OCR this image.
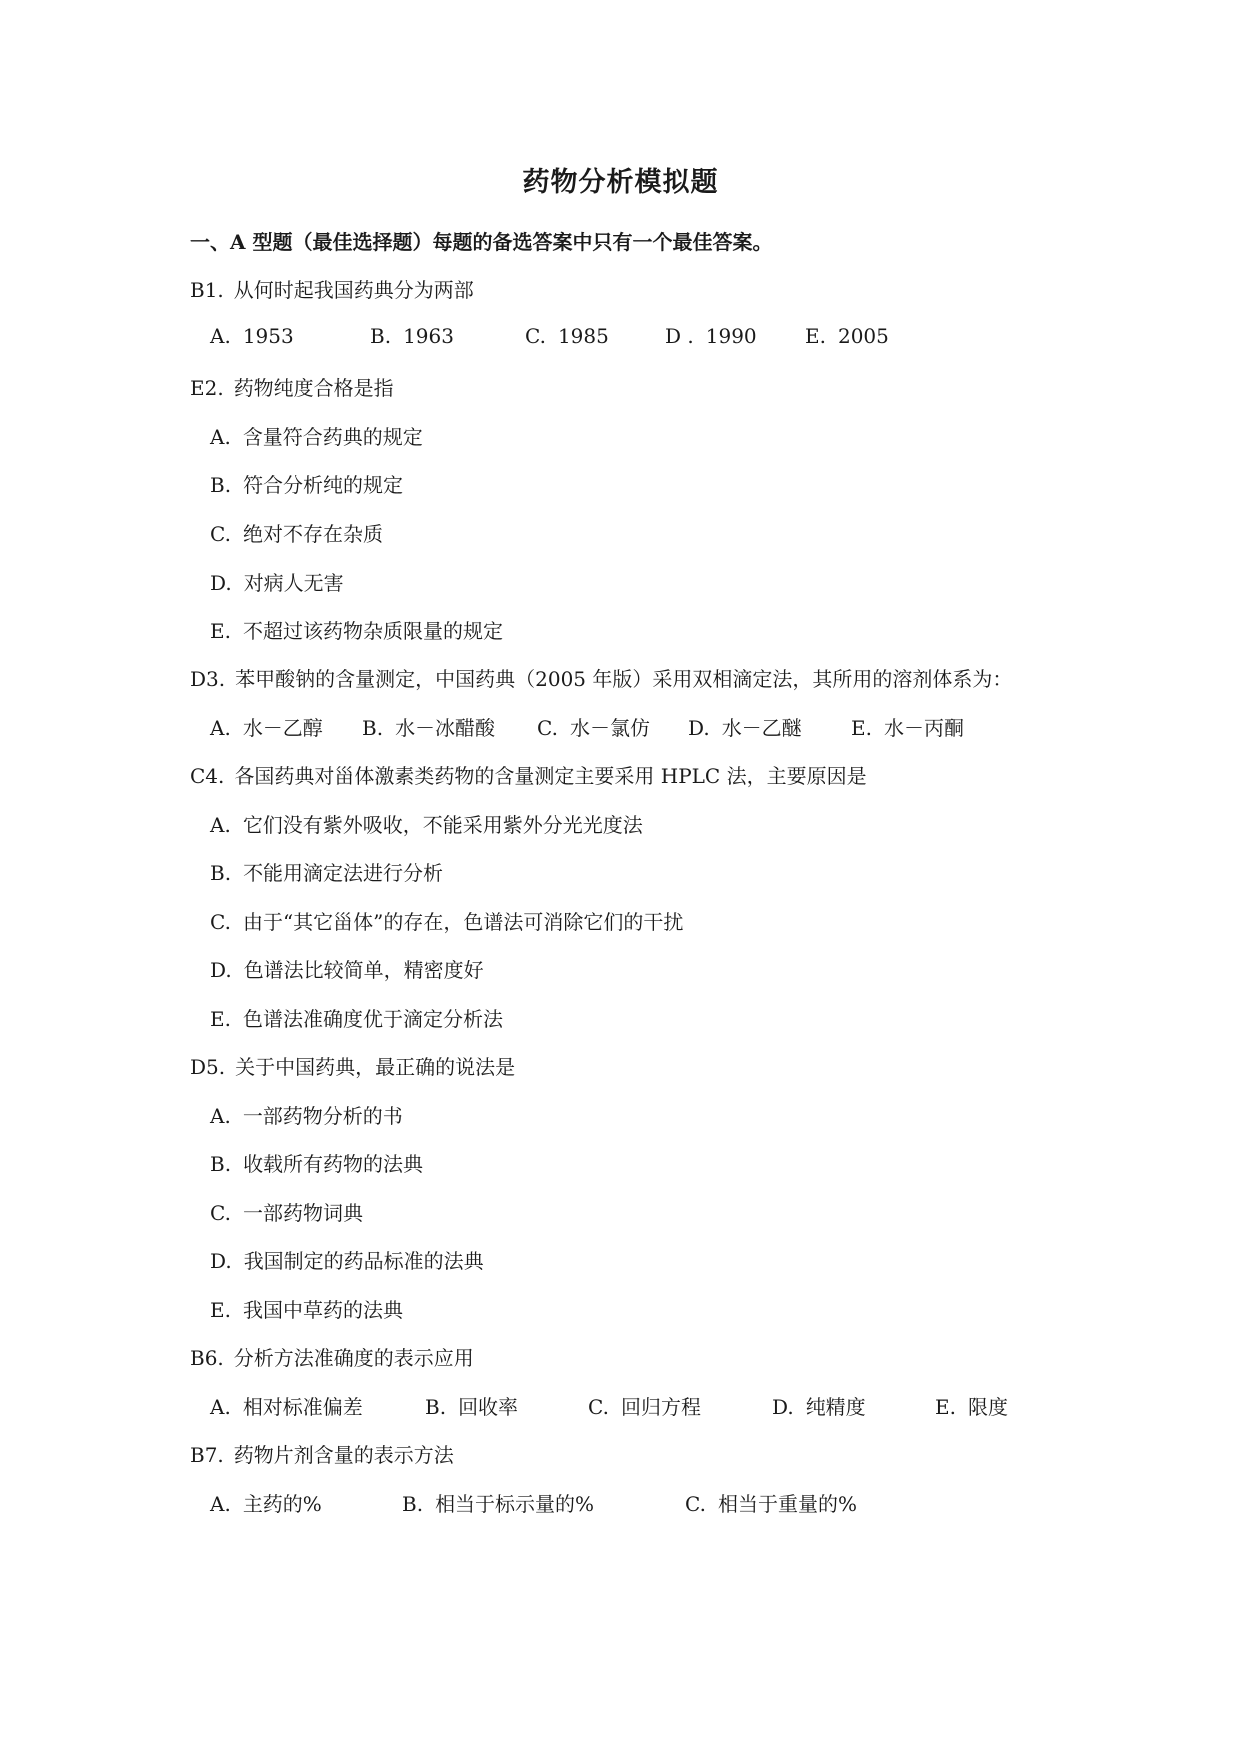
药物分析模拟题
一、A 型题（最佳选择题）每题的备选答案中只有一个最佳答案。
B1. 从何时起我国药典分为两部
A. 1953	B. 1963	C. 1985	D . 1990 E. 2005
E2. 药物纯度合格是指
A. 含量符合药典的规定
B. 符合分析纯的规定
C. 绝对不存在杂质
D. 对病人无害
E. 不超过该药物杂质限量的规定
D3. 苯甲酸钠的含量测定，中国药典（2005 年版）采用双相滴定法，其所用的溶剂体系为：
A. 水－乙醇 B. 水－冰醋酸 C. 水－氯仿 D. 水－乙醚 E. 水－丙酮
C4. 各国药典对甾体激素类药物的含量测定主要采用 HPLC 法，主要原因是
A. 它们没有紫外吸收，不能采用紫外分光光度法
B. 不能用滴定法进行分析
C. 由于“其它甾体”的存在，色谱法可消除它们的干扰
D. 色谱法比较简单，精密度好
E. 色谱法准确度优于滴定分析法
D5. 关于中国药典，最正确的说法是
A. 一部药物分析的书
B. 收载所有药物的法典
C. 一部药物词典
D. 我国制定的药品标准的法典
E. 我国中草药的法典
B6. 分析方法准确度的表示应用
A. 相对标准偏差	B. 回收率	C. 回归方程	D. 纯精度	E. 限度
B7. 药物片剂含量的表示方法
A. 主药的%	B. 相当于标示量的%	C. 相当于重量的%
